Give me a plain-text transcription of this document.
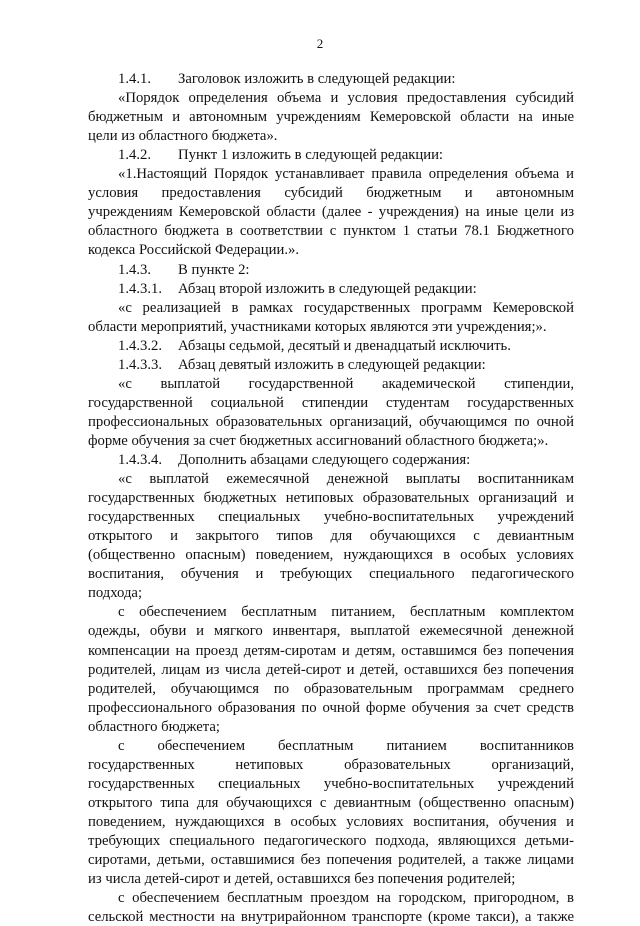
2
1.4.1. Заголовок изложить в следующей редакции:
«Порядок определения объема и условия предоставления субсидий
бюджетным и автономным учреждениям Кемеровской области на иные
цели из областного бюджета».
1.4.2. Пункт 1 изложить в следующей редакции:
«1.Настоящий Порядок устанавливает правила определения объема и
условия предоставления субсидий бюджетным и автономным
учреждениям Кемеровской области (далее - учреждения) на иные цели из
областного бюджета в соответствии с пунктом 1 статьи 78.1 Бюджетного
кодекса Российской Федерации.».
1.4.3. В пункте 2:
1.4.3.1. Абзац второй изложить в следующей редакции:
«с реализацией в рамках государственных программ Кемеровской
области мероприятий, участниками которых являются эти учреждения;».
1.4.3.2. Абзацы седьмой, десятый и двенадцатый исключить.
1.4.3.3. Абзац девятый изложить в следующей редакции:
«с выплатой государственной академической стипендии,
государственной социальной стипендии студентам государственных
профессиональных образовательных организаций, обучающимся по очной
форме обучения за счет бюджетных ассигнований областного бюджета;».
1.4.3.4. Дополнить абзацами следующего содержания:
«с выплатой ежемесячной денежной выплаты воспитанникам
государственных бюджетных нетиповых образовательных организаций и
государственных специальных учебно-воспитательных учреждений
открытого и закрытого типов для обучающихся с девиантным
(общественно опасным) поведением, нуждающихся в особых условиях
воспитания, обучения и требующих специального педагогического
подхода;
с обеспечением бесплатным питанием, бесплатным комплектом
одежды, обуви и мягкого инвентаря, выплатой ежемесячной денежной
компенсации на проезд детям-сиротам и детям, оставшимся без попечения
родителей, лицам из числа детей-сирот и детей, оставшихся без попечения
родителей, обучающимся по образовательным программам среднего
профессионального образования по очной форме обучения за счет средств
областного бюджета;
с обеспечением бесплатным питанием воспитанников
государственных нетиповых образовательных организаций,
государственных специальных учебно-воспитательных учреждений
открытого типа для обучающихся с девиантным (общественно опасным)
поведением, нуждающихся в особых условиях воспитания, обучения и
требующих специального педагогического подхода, являющихся детьми-
сиротами, детьми, оставшимися без попечения родителей, а также лицами
из числа детей-сирот и детей, оставшихся без попечения родителей;
с обеспечением бесплатным проездом на городском, пригородном, в
сельской местности на внутрирайонном транспорте (кроме такси), а также
